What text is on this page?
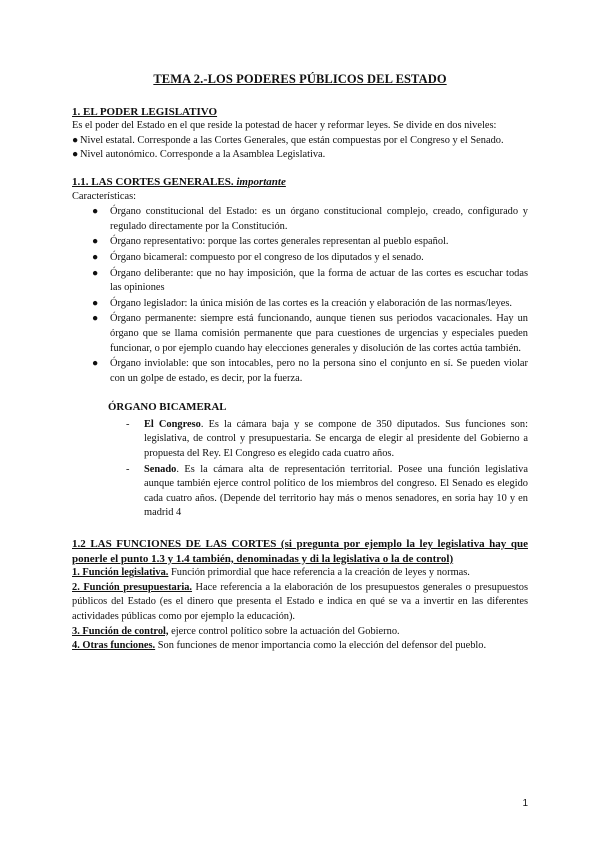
TEMA 2.-LOS PODERES PÚBLICOS DEL ESTADO
1. EL PODER LEGISLATIVO

Es el poder del Estado en el que reside la potestad de hacer y reformar leyes. Se divide en dos niveles:

● Nivel estatal. Corresponde a las Cortes Generales, que están compuestas por el Congreso y el Senado.

● Nivel autonómico. Corresponde a la Asamblea Legislativa.

1.1. LAS CORTES GENERALES. importante

Características:

● Órgano constitucional del Estado: es un órgano constitucional complejo, creado, configurado y regulado directamente por la Constitución.
● Órgano representativo: porque las cortes generales representan al pueblo español.
● Órgano bicameral: compuesto por el congreso de los diputados y el senado.
● Órgano deliberante: que no hay imposición, que la forma de actuar de las cortes es escuchar todas las opiniones
● Órgano legislador: la única misión de las cortes es la creación y elaboración de las normas/leyes.
● Órgano permanente: siempre está funcionando, aunque tienen sus periodos vacacionales. Hay un órgano que se llama comisión permanente que para cuestiones de urgencias y especiales pueden funcionar, o por ejemplo cuando hay elecciones generales y disolución de las cortes actúa también.
● Órgano inviolable: que son intocables, pero no la persona sino el conjunto en sí. Se pueden violar con un golpe de estado, es decir, por la fuerza.
ÓRGANO BICAMERAL
- El Congreso. Es la cámara baja y se compone de 350 diputados. Sus funciones son: legislativa, de control y presupuestaria. Se encarga de elegir al presidente del Gobierno a propuesta del Rey. El Congreso es elegido cada cuatro años.
- Senado. Es la cámara alta de representación territorial. Posee una función legislativa aunque también ejerce control político de los miembros del congreso. El Senado es elegido cada cuatro años. (Depende del territorio hay más o menos senadores, en soria hay 10 y en madrid 4

1.2 LAS FUNCIONES DE LAS CORTES (si pregunta por ejemplo la ley legislativa hay que ponerle el punto 1.3 y 1.4 también, denominadas y di la legislativa o la de control)

1. Función legislativa. Función primordial que hace referencia a la creación de leyes y normas.

2. Función presupuestaria. Hace referencia a la elaboración de los presupuestos generales o presupuestos públicos del Estado (es el dinero que presenta el Estado e indica en qué se va a invertir en las diferentes actividades públicas como por ejemplo la educación).

3. Función de control, ejerce control político sobre la actuación del Gobierno.

4. Otras funciones. Son funciones de menor importancia como la elección del defensor del pueblo.

1
